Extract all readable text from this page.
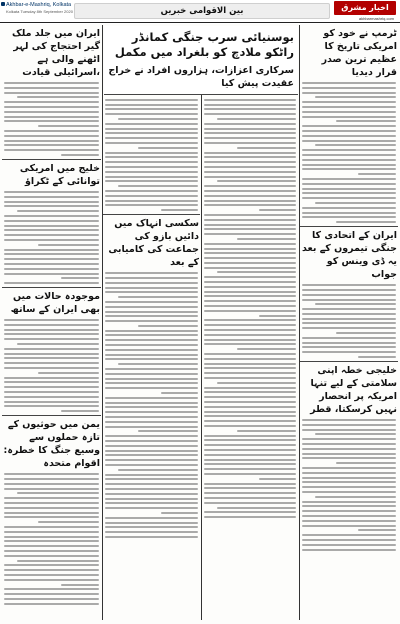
Akhbar-e-Mashriq, Kolkata
Kolkata Tuesday 8th September 2020	بین الاقوامی خبریں	اخبار مشرق
akhbarmashriq.com
ٹرمپ نے خود کو امریکی تاریخ کا عظیم ترین صدر قرار دیدیا
ایران کے اتحادی کا جنگی تیمروں کے بعد یہ ڈی وینس کو جواب
خلیجی خطہ اپنی سلامتی کے لیے تنہا امریکہ پر انحصار نہیں کرسکتا، قطر
بوسنیائی سرب جنگی کمانڈر راٹکو ملادچ کو بلغراد میں مکمل
سرکاری اعزازات، ہزاروں افراد نے خراج عقیدت پیش کیا
سکسی انہاک میں دائیں بازو کی جماعت کی کامیابی کے بعد
ایران میں جلد ملک گیر احتجاج کی لہر اٹھنے والی ہے ،اسرائیلی قیادت
خلیج میں امریکی توانائی کے ٹکراؤ
موجودہ حالات میں بھی ایران کے ساتھ
یمن میں حوثیوں کے تازہ حملوں سے وسیع جنگ کا خطرہ: اقوام متحدہ
